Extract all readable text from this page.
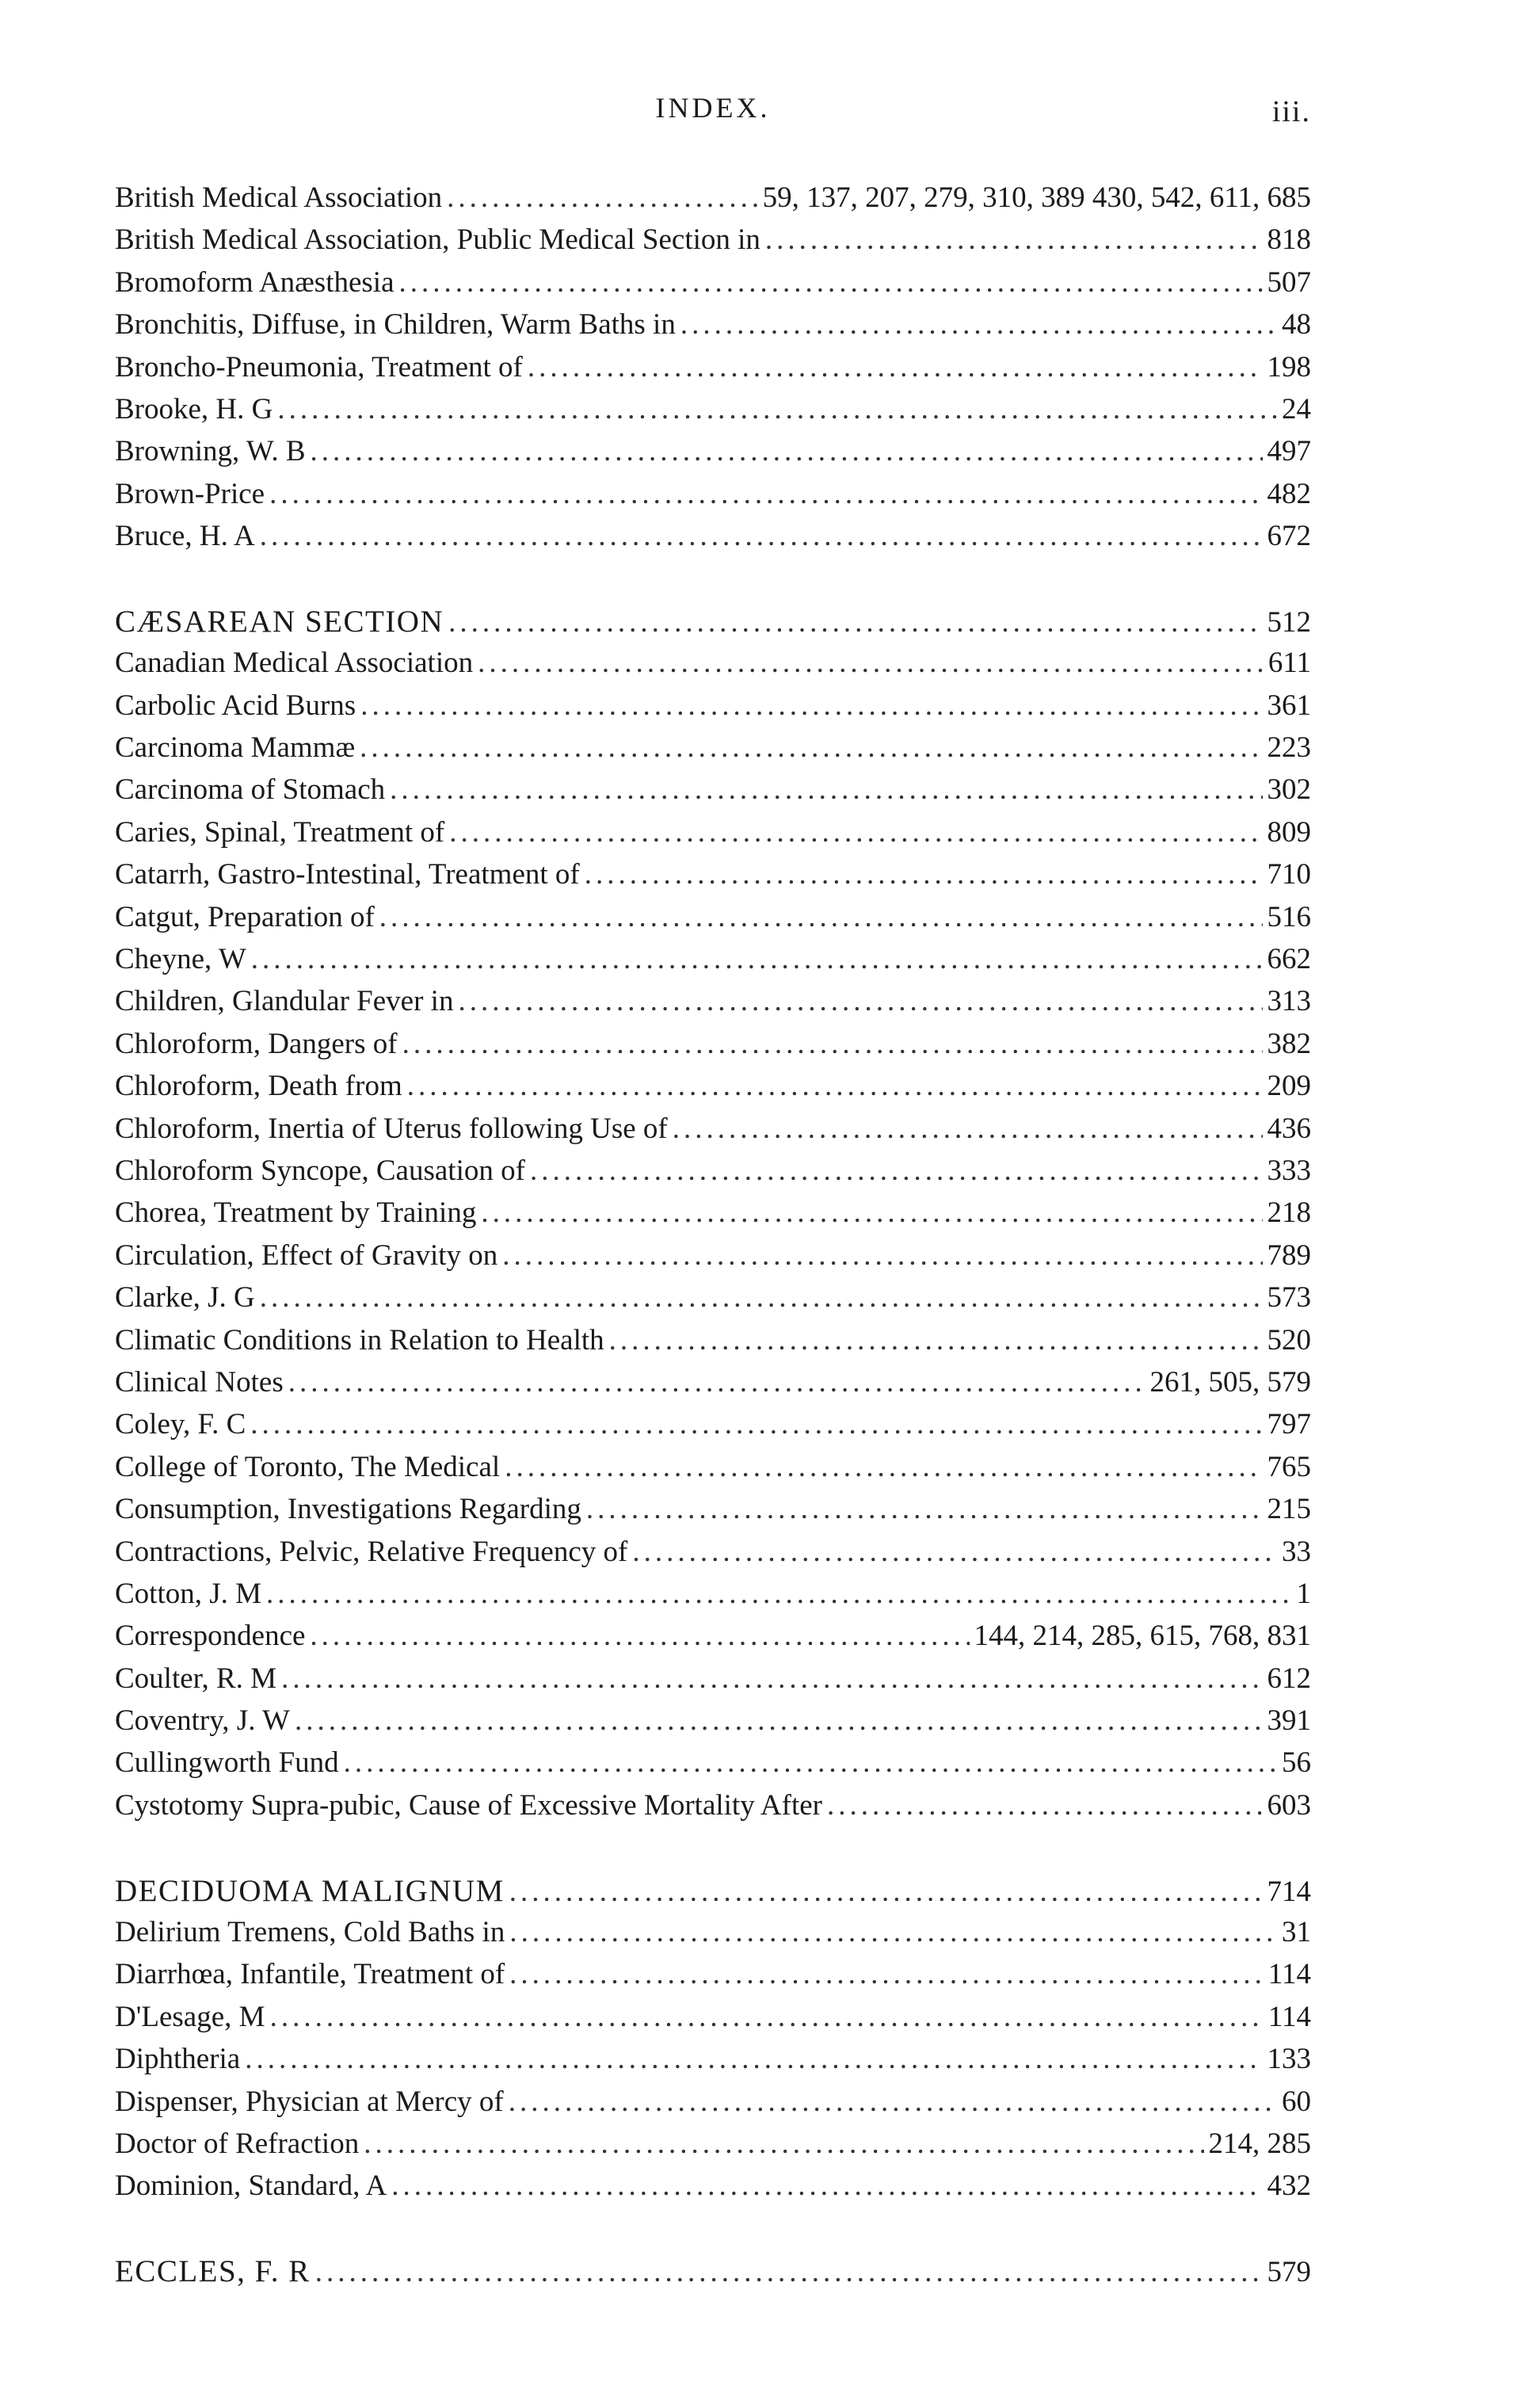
INDEX.	iii.
British Medical Association .....	59, 137, 207, 279, 310, 389 430, 542, 611, 685
British Medical Association, Public Medical Section in .....	818
Bromoform Anæsthesia .....	507
Bronchitis, Diffuse, in Children, Warm Baths in .....	48
Broncho-Pneumonia, Treatment of .....	198
Brooke, H. G .....	24
Browning, W. B .....	497
Brown-Price .....	482
Bruce, H. A .....	672
CÆSAREAN SECTION .....	512
Canadian Medical Association .....	611
Carbolic Acid Burns .....	361
Carcinoma Mammæ .....	223
Carcinoma of Stomach .....	302
Caries, Spinal, Treatment of .....	809
Catarrh, Gastro-Intestinal, Treatment of .....	710
Catgut, Preparation of .....	516
Cheyne, W .....	662
Children, Glandular Fever in .....	313
Chloroform, Dangers of .....	382
Chloroform, Death from .....	209
Chloroform, Inertia of Uterus following Use of .....	436
Chloroform Syncope, Causation of .....	333
Chorea, Treatment by Training .....	218
Circulation, Effect of Gravity on .....	789
Clarke, J. G .....	573
Climatic Conditions in Relation to Health .....	520
Clinical Notes .....	261, 505, 579
Coley, F. C .....	797
College of Toronto, The Medical .....	765
Consumption, Investigations Regarding .....	215
Contractions, Pelvic, Relative Frequency of .....	33
Cotton, J. M .....	1
Correspondence .....	144, 214, 285, 615, 768, 831
Coulter, R. M .....	612
Coventry, J. W .....	391
Cullingworth Fund .....	56
Cystotomy Supra-pubic, Cause of Excessive Mortality After .....	603
DECIDUOMA MALIGNUM .....	714
Delirium Tremens, Cold Baths in .....	31
Diarrhœa, Infantile, Treatment of .....	114
D'Lesage, M .....	114
Diphtheria .....	133
Dispenser, Physician at Mercy of .....	60
Doctor of Refraction .....	214, 285
Dominion, Standard, A .....	432
ECCLES, F. R .....	579
